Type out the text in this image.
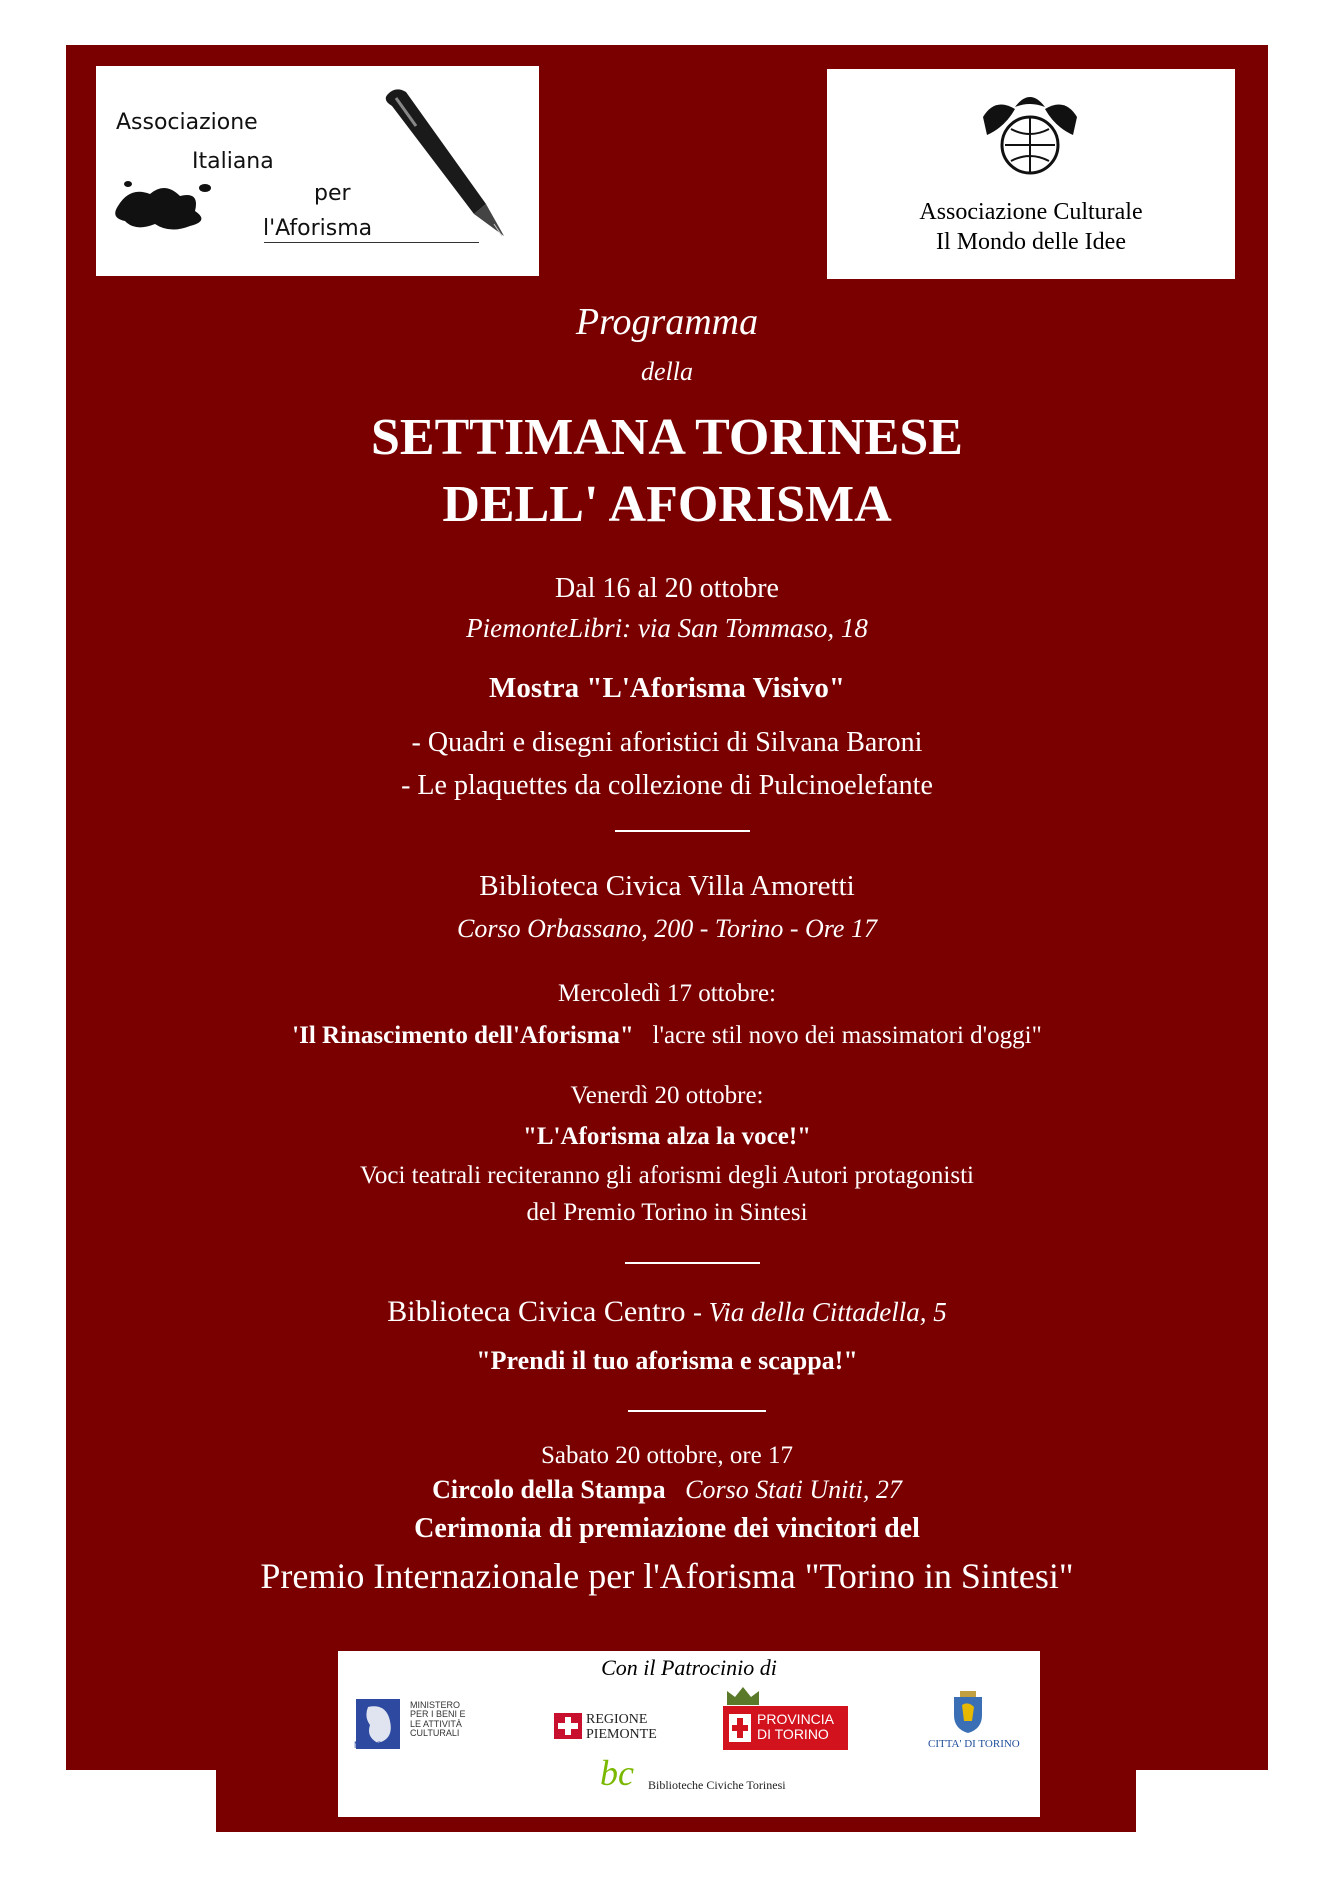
Associazione
Italiana
per
l'Aforisma
Associazione Culturale
Il Mondo delle Idee
Programma
della
SETTIMANA TORINESE
DELL' AFORISMA
Dal 16 al 20 ottobre
PiemonteLibri: via San Tommaso, 18
Mostra "L'Aforisma Visivo"
- Quadri e disegni aforistici di Silvana Baroni
- Le plaquettes da collezione di Pulcinoelefante
Biblioteca Civica Villa Amoretti
Corso Orbassano, 200 - Torino - Ore 17
Mercoledì 17 ottobre:
'Il Rinascimento dell'Aforisma" l'acre stil novo dei massimatori d'oggi"
Venerdì 20 ottobre:
"L'Aforisma alza la voce!"
Voci teatrali reciteranno gli aforismi degli Autori protagonisti
del Premio Torino in Sintesi
Biblioteca Civica Centro - Via della Cittadella, 5
"Prendi il tuo aforisma e scappa!"
Sabato 20 ottobre, ore 17
Circolo della Stampa Corso Stati Uniti, 27
Cerimonia di premiazione dei vincitori del
Premio Internazionale per l'Aforisma "Torino in Sintesi"
Con il Patrocinio di
MiBAC
MINISTERO
PER I BENI E
LE ATTIVITÀ
CULTURALI
REGIONE
PIEMONTE
PROVINCIA
DI TORINO
CITTA' DI TORINO
bc Biblioteche Civiche Torinesi
